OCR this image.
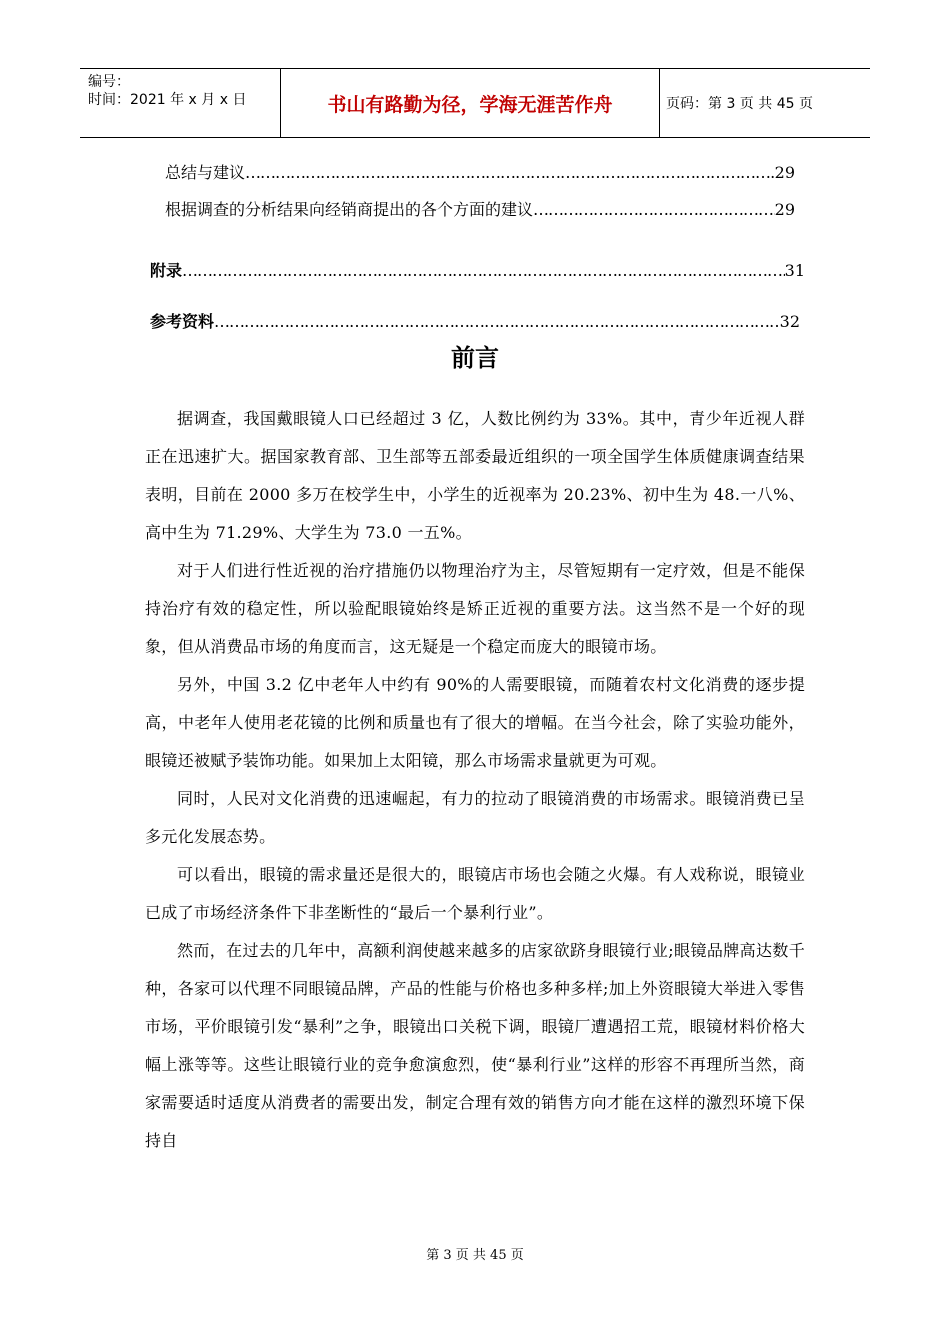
编号：
时间：2021 年 x 月 x 日	书山有路勤为径，学海无涯苦作舟	页码：第 3 页 共 45 页
总结与建议 ……………………………………………………………………………………………………………………………………………………………………	29
根据调查的分析结果向经销商提出的各个方面的建议 ……………………………………………………………………………………………………………………………………………………………………	29
附录 ……………………………………………………………………………………………………………………………………………………………………	31
参考资料 ……………………………………………………………………………………………………………………………………………………………………	32
前言

据调查，我国戴眼镜人口已经超过 3 亿，人数比例约为 33%。其中，青少年近视人群正在迅速扩大。据国家教育部、卫生部等五部委最近组织的一项全国学生体质健康调查结果表明，目前在 2000 多万在校学生中，小学生的近视率为 20.23%、初中生为 48.一八%、高中生为 71.29%、大学生为 73.0 一五%。

对于人们进行性近视的治疗措施仍以物理治疗为主，尽管短期有一定疗效，但是不能保持治疗有效的稳定性，所以验配眼镜始终是矫正近视的重要方法。这当然不是一个好的现象，但从消费品市场的角度而言，这无疑是一个稳定而庞大的眼镜市场。

另外，中国 3.2 亿中老年人中约有 90%的人需要眼镜，而随着农村文化消费的逐步提高，中老年人使用老花镜的比例和质量也有了很大的增幅。在当今社会，除了实验功能外，眼镜还被赋予装饰功能。如果加上太阳镜，那么市场需求量就更为可观。

同时，人民对文化消费的迅速崛起，有力的拉动了眼镜消费的市场需求。眼镜消费已呈多元化发展态势。

可以看出，眼镜的需求量还是很大的，眼镜店市场也会随之火爆。有人戏称说，眼镜业已成了市场经济条件下非垄断性的“最后一个暴利行业”。

然而，在过去的几年中，高额利润使越来越多的店家欲跻身眼镜行业;眼镜品牌高达数千种，各家可以代理不同眼镜品牌，产品的性能与价格也多种多样;加上外资眼镜大举进入零售市场，平价眼镜引发“暴利”之争，眼镜出口关税下调，眼镜厂遭遇招工荒，眼镜材料价格大幅上涨等等。这些让眼镜行业的竞争愈演愈烈，使“暴利行业”这样的形容不再理所当然，商家需要适时适度从消费者的需要出发，制定合理有效的销售方向才能在这样的激烈环境下保持自

第 3 页 共 45 页
